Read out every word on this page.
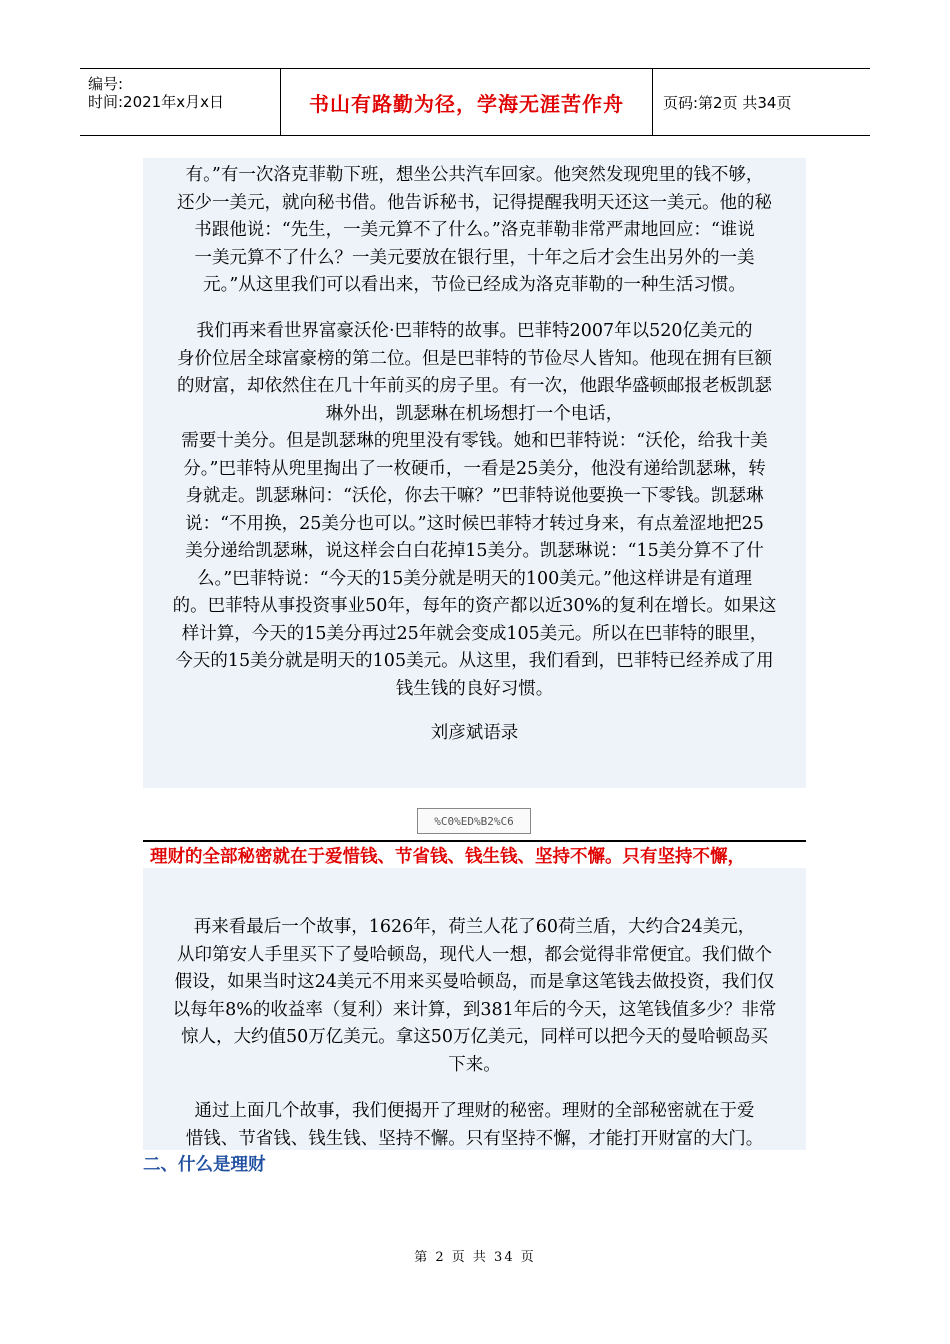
编号:
时间:2021年x月x日	书山有路勤为径，学海无涯苦作舟	页码:第2页 共34页

有。”有一次洛克菲勒下班，想坐公共汽车回家。他突然发现兜里的钱不够，
还少一美元，就向秘书借。他告诉秘书，记得提醒我明天还这一美元。他的秘
书跟他说：“先生，一美元算不了什么。”洛克菲勒非常严肃地回应：“谁说
一美元算不了什么？一美元要放在银行里，十年之后才会生出另外的一美
元。”从这里我们可以看出来，节俭已经成为洛克菲勒的一种生活习惯。

我们再来看世界富豪沃伦·巴菲特的故事。巴菲特2007年以520亿美元的
身价位居全球富豪榜的第二位。但是巴菲特的节俭尽人皆知。他现在拥有巨额
的财富，却依然住在几十年前买的房子里。有一次，他跟华盛顿邮报老板凯瑟
琳外出，凯瑟琳在机场想打一个电话，

需要十美分。但是凯瑟琳的兜里没有零钱。她和巴菲特说：“沃伦，给我十美
分。”巴菲特从兜里掏出了一枚硬币，一看是25美分，他没有递给凯瑟琳，转
身就走。凯瑟琳问：“沃伦，你去干嘛？”巴菲特说他要换一下零钱。凯瑟琳
说：“不用换，25美分也可以。”这时候巴菲特才转过身来，有点羞涩地把25
美分递给凯瑟琳，说这样会白白花掉15美分。凯瑟琳说：“15美分算不了什
么。”巴菲特说：“今天的15美分就是明天的100美元。”他这样讲是有道理
的。巴菲特从事投资事业50年，每年的资产都以近30%的复利在增长。如果这
样计算，今天的15美分再过25年就会变成105美元。所以在巴菲特的眼里，
今天的15美分就是明天的105美元。从这里，我们看到，巴菲特已经养成了用
钱生钱的良好习惯。

刘彦斌语录

%C0%ED%B2%C6
理财的全部秘密就在于爱惜钱、节省钱、钱生钱、坚持不懈。只有坚持不懈，

再来看最后一个故事，1626年，荷兰人花了60荷兰盾，大约合24美元，
从印第安人手里买下了曼哈顿岛，现代人一想，都会觉得非常便宜。我们做个
假设，如果当时这24美元不用来买曼哈顿岛，而是拿这笔钱去做投资，我们仅
以每年8%的收益率（复利）来计算，到381年后的今天，这笔钱值多少？非常
惊人，大约值50万亿美元。拿这50万亿美元，同样可以把今天的曼哈顿岛买
下来。

通过上面几个故事，我们便揭开了理财的秘密。理财的全部秘密就在于爱
惜钱、节省钱、钱生钱、坚持不懈。只有坚持不懈，才能打开财富的大门。

二、什么是理财
第 2 页 共 34 页
